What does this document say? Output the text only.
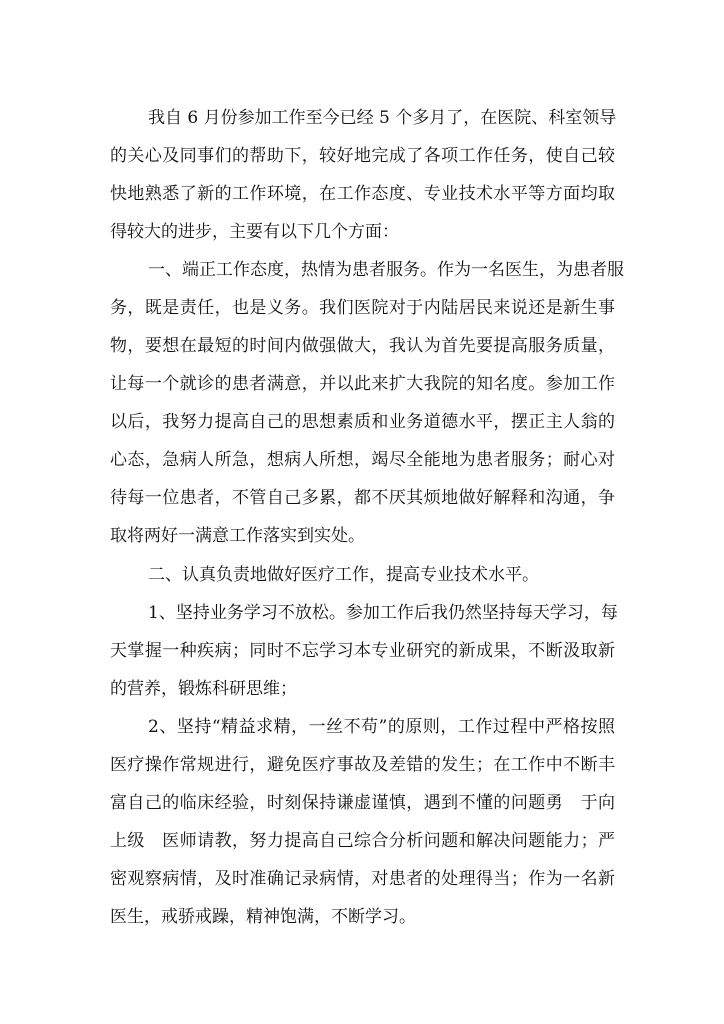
我自 6 月份参加工作至今已经 5 个多月了，在医院、科室领导
的关心及同事们的帮助下，较好地完成了各项工作任务，使自己较
快地熟悉了新的工作环境，在工作态度、专业技术水平等方面均取
得较大的进步，主要有以下几个方面：
一、端正工作态度，热情为患者服务。作为一名医生，为患者服
务，既是责任，也是义务。我们医院对于内陆居民来说还是新生事
物，要想在最短的时间内做强做大，我认为首先要提高服务质量，
让每一个就诊的患者满意，并以此来扩大我院的知名度。参加工作
以后，我努力提高自己的思想素质和业务道德水平，摆正主人翁的
心态，急病人所急，想病人所想，竭尽全能地为患者服务；耐心对
待每一位患者，不管自己多累，都不厌其烦地做好解释和沟通，争
取将两好一满意工作落实到实处。
二、认真负责地做好医疗工作，提高专业技术水平。
1、坚持业务学习不放松。参加工作后我仍然坚持每天学习，每
天掌握一种疾病；同时不忘学习本专业研究的新成果，不断汲取新
的营养，锻炼科研思维；
2、坚持“精益求精，一丝不苟”的原则，工作过程中严格按照
医疗操作常规进行，避免医疗事故及差错的发生；在工作中不断丰
富自己的临床经验，时刻保持谦虚谨慎，遇到不懂的问题勇　于向
上级　医师请教，努力提高自己综合分析问题和解决问题能力；严
密观察病情，及时准确记录病情，对患者的处理得当；作为一名新
医生，戒骄戒躁，精神饱满，不断学习。
